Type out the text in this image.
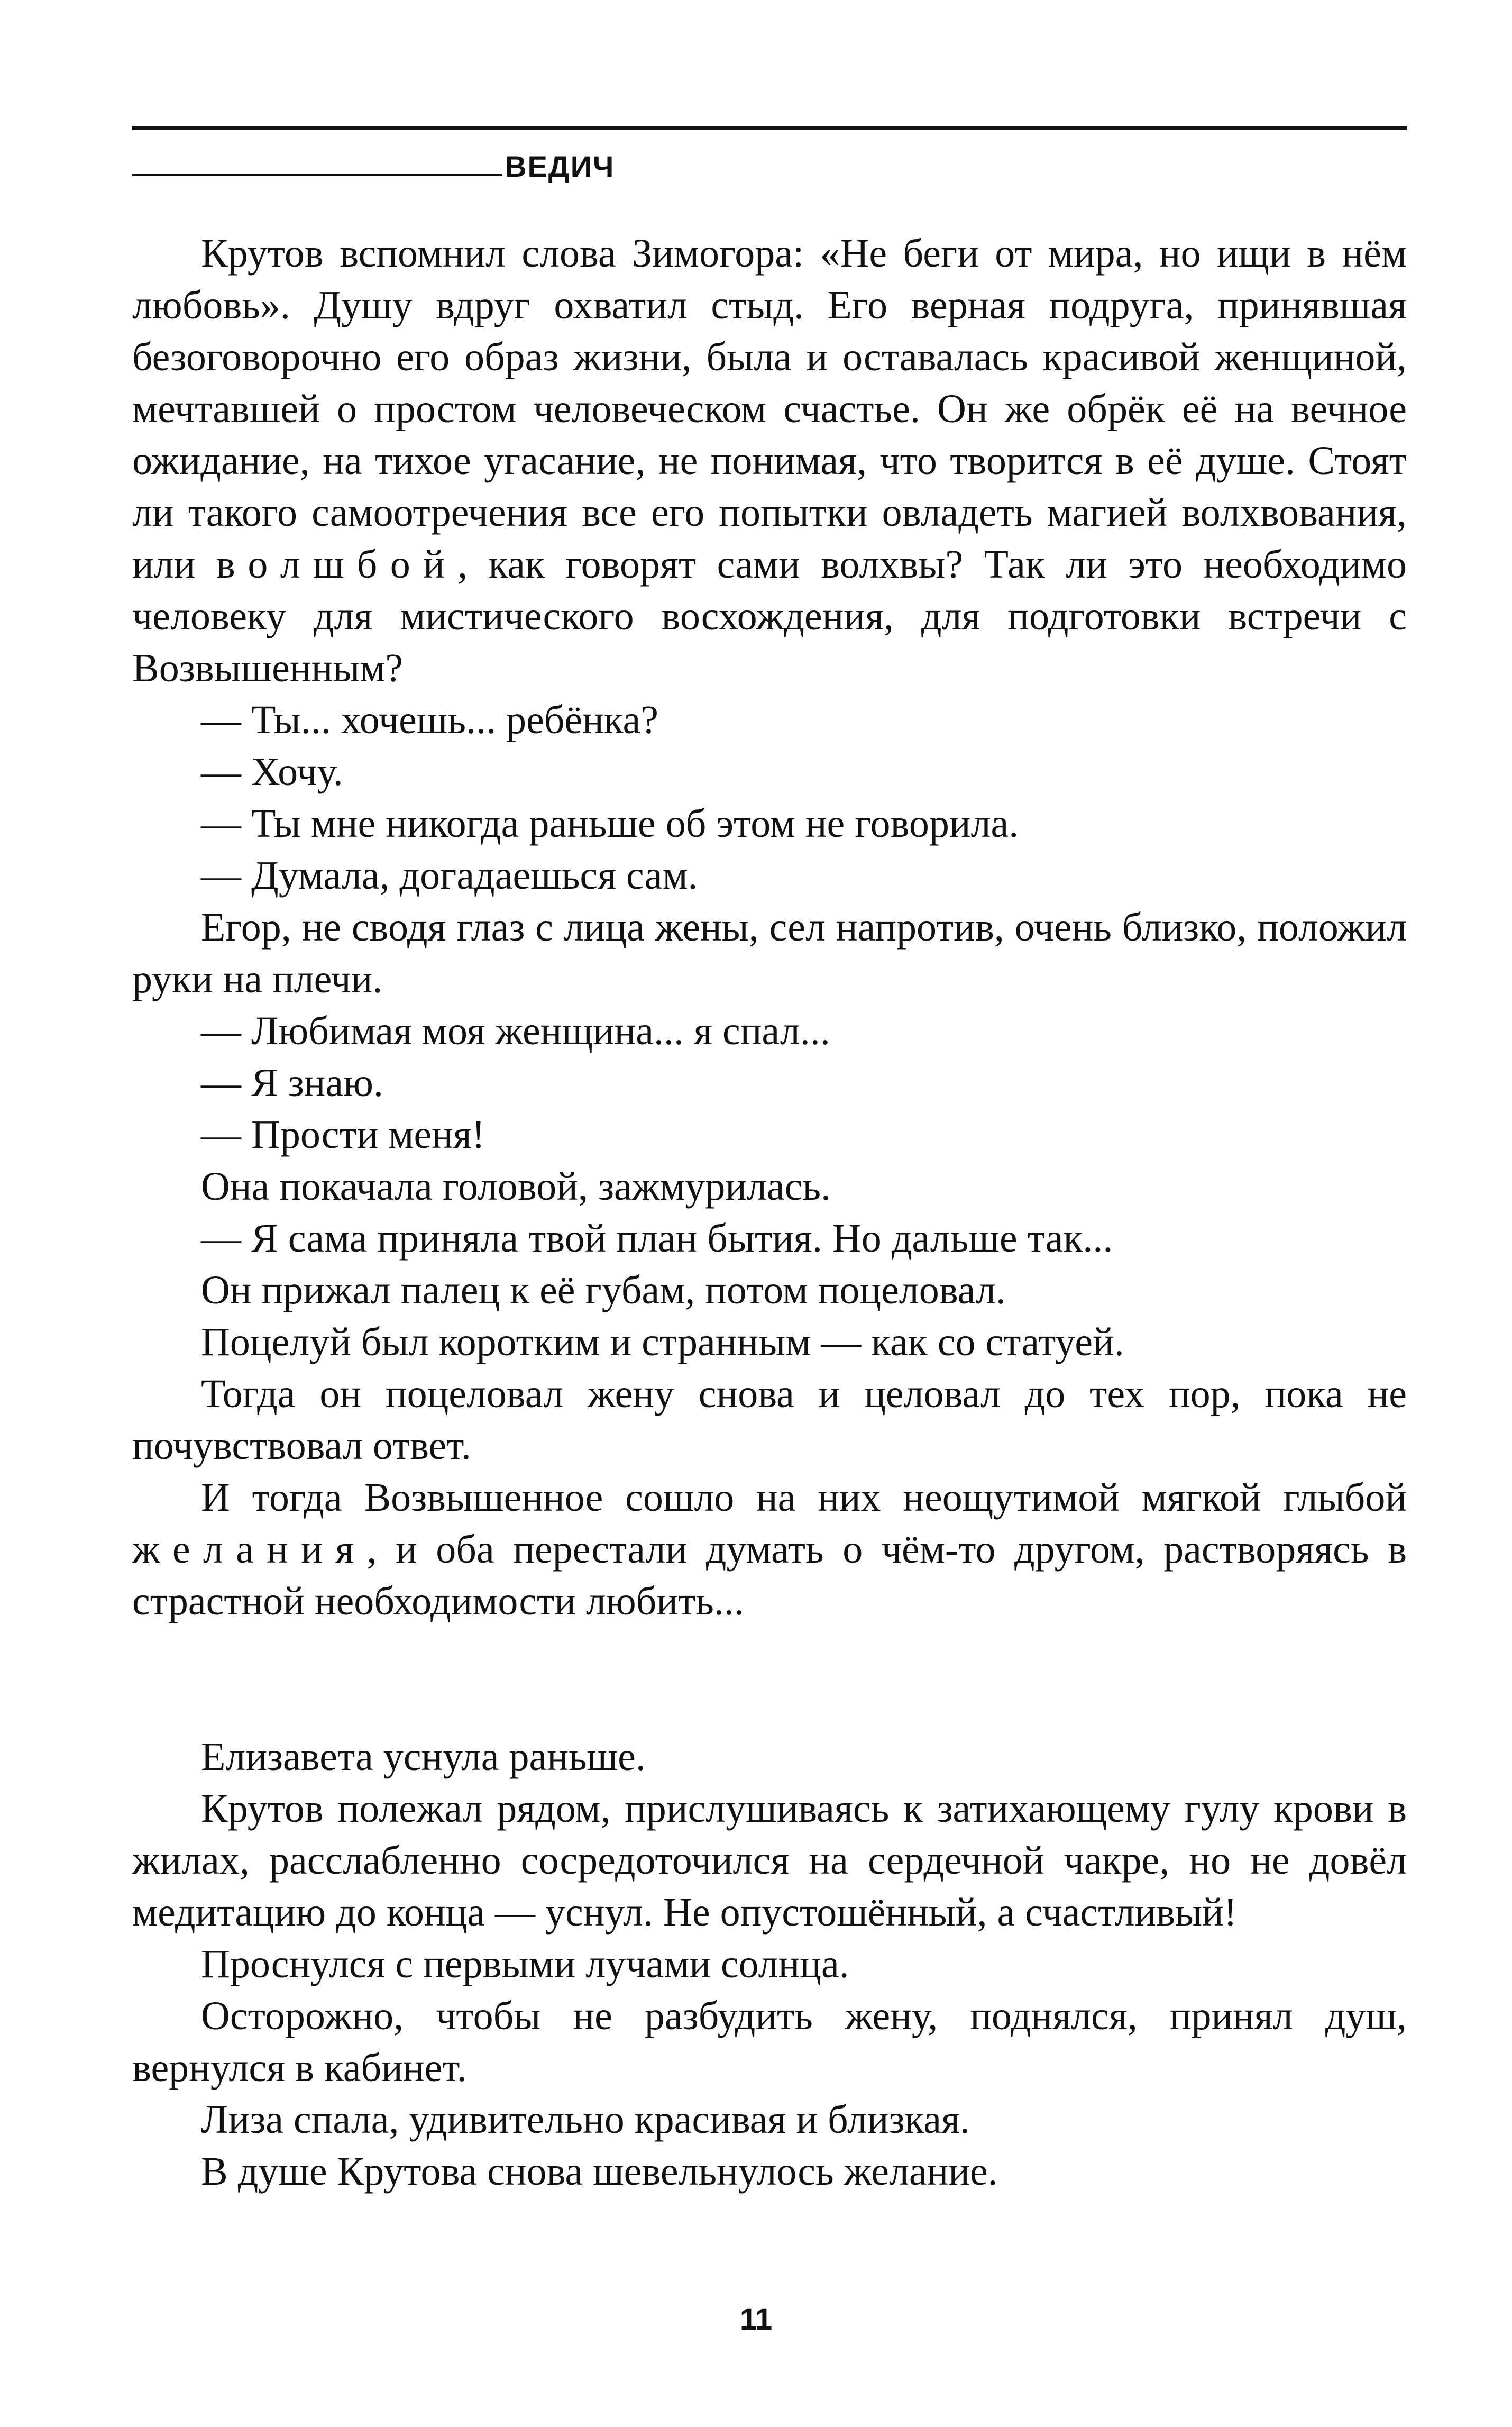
ВЕДИЧ

Крутов вспомнил слова Зимогора: «Не беги от мира, но ищи в нём любовь». Душу вдруг охватил стыд. Его верная подруга, принявшая безоговорочно его образ жизни, была и оставалась красивой женщиной, мечтавшей о простом человеческом счастье. Он же обрёк её на вечное ожидание, на тихое угасание, не понимая, что творится в её душе. Стоят ли такого самоотречения все его попытки овладеть магией волхвования, или волшбой, как говорят сами волхвы? Так ли это необходимо человеку для мистического восхождения, для подготовки встречи с Возвышенным?

— Ты... хочешь... ребёнка?

— Хочу.

— Ты мне никогда раньше об этом не говорила.

— Думала, догадаешься сам.

Егор, не сводя глаз с лица жены, сел напротив, очень близко, положил руки на плечи.

— Любимая моя женщина... я спал...

— Я знаю.

— Прости меня!

Она покачала головой, зажмурилась.

— Я сама приняла твой план бытия. Но дальше так...

Он прижал палец к её губам, потом поцеловал.

Поцелуй был коротким и странным — как со статуей.

Тогда он поцеловал жену снова и целовал до тех пор, пока не почувствовал ответ.

И тогда Возвышенное сошло на них неощутимой мягкой глыбой желания, и оба перестали думать о чём-то другом, растворяясь в страстной необходимости любить...

Елизавета уснула раньше.

Крутов полежал рядом, прислушиваясь к затихающему гулу крови в жилах, расслабленно сосредоточился на сердечной чакре, но не довёл медитацию до конца — уснул. Не опустошённый, а счастливый!

Проснулся с первыми лучами солнца.

Осторожно, чтобы не разбудить жену, поднялся, принял душ, вернулся в кабинет.

Лиза спала, удивительно красивая и близкая.

В душе Крутова снова шевельнулось желание.

11
